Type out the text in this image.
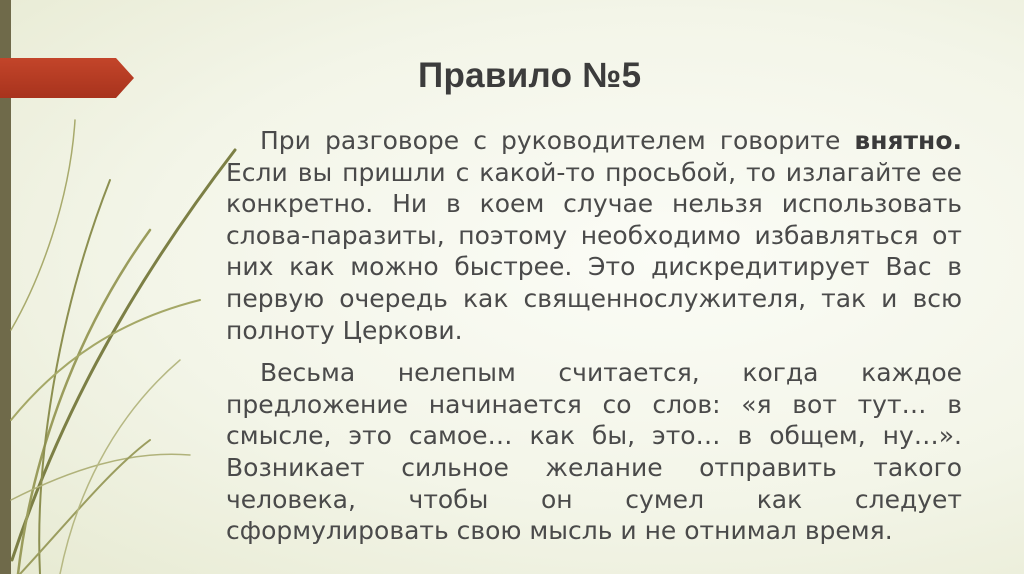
Правило №5

При разговоре с руководителем говорите внятно. Если вы пришли с какой-то просьбой, то излагайте ее конкретно. Ни в коем случае нельзя использовать слова-паразиты, поэтому необходимо избавляться от них как можно быстрее. Это дискредитирует Вас в первую очередь как священнослужителя, так и всю полноту Церкови.

Весьма нелепым считается, когда каждое предложение начинается со слов: «я вот тут… в смысле, это самое… как бы, это… в общем, ну…». Возникает сильное желание отправить такого человека, чтобы он сумел как следует сформулировать свою мысль и не отнимал время.
